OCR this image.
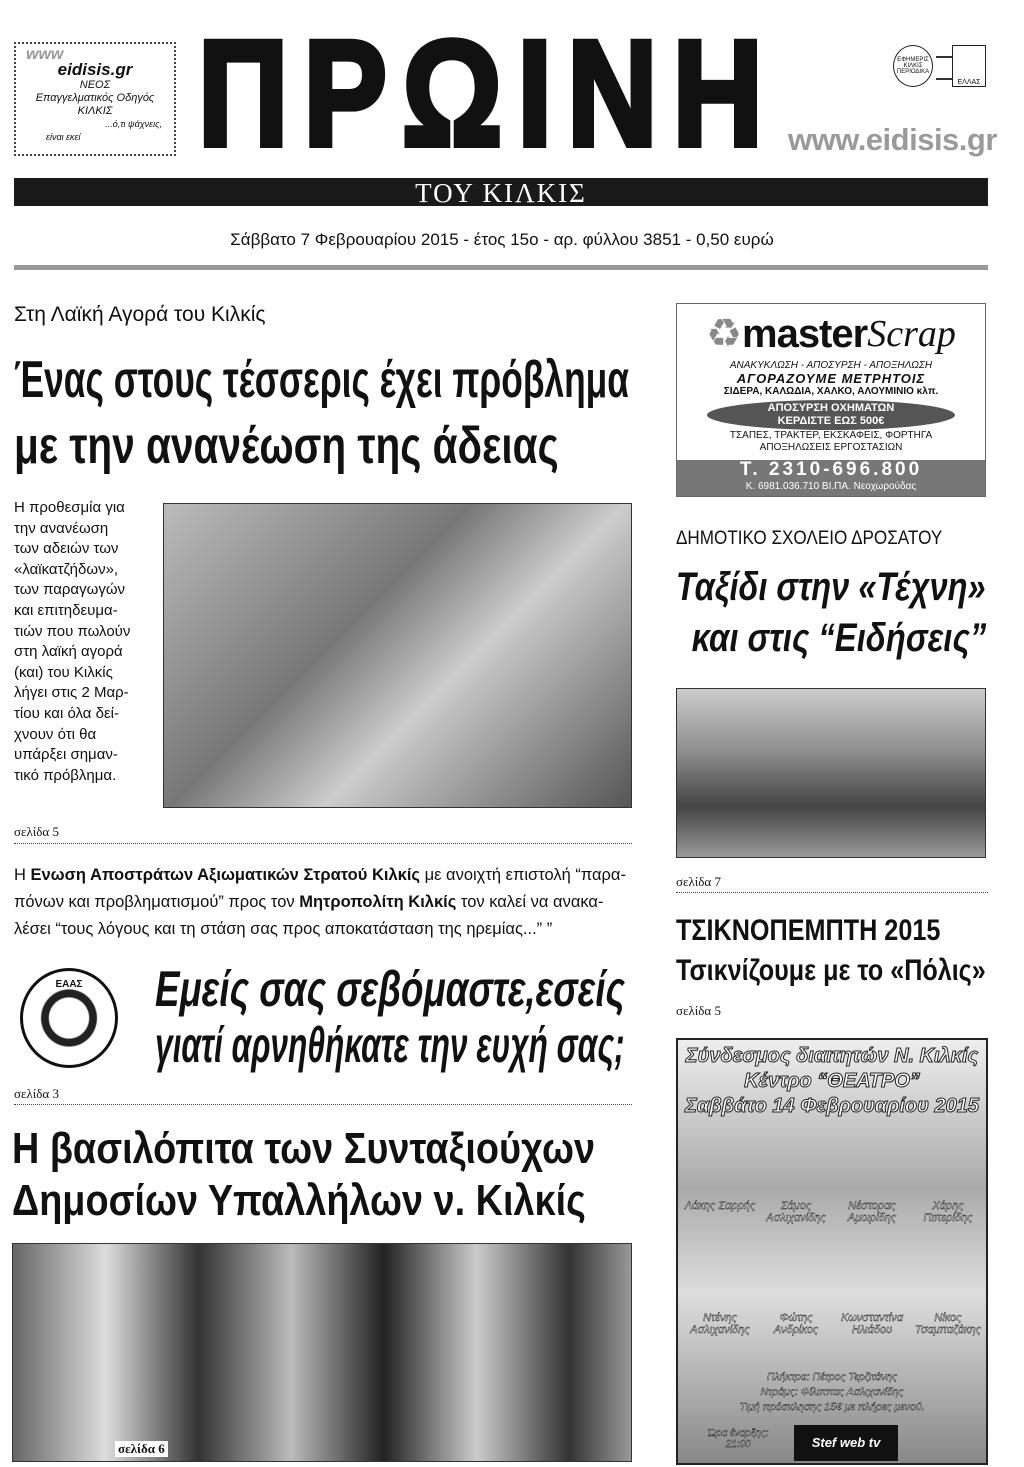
www
eidisis.gr
ΝΕΟΣ
Επαγγελματικός Οδηγός
ΚΙΛΚΙΣ
...ό,τι ψάχνεις,
είναι εκεί ΠΡΩΙΝΗ	ΕΦΗΜΕΡΙΣ ΚΙΛΚΙΣ ΠΕΡΙΟΔΙΚΑ
ΕΛΛΑΣ
www.eidisis.gr
ΤΟΥ ΚΙΛΚΙΣ
Σάββατο 7 Φεβρουαρίου 2015 - έτος 15ο - αρ. φύλλου 3851 - 0,50 ευρώ
Στη Λαϊκή Αγορά του Κιλκίς
Ένας στους τέσσερις έχει πρόβλημα
με την ανανέωση της άδειας
Η προθεσμία για
την ανανέωση
των αδειών των
«λαϊκατζήδων»,
των παραγωγών
και επιτηδευμα-
τιών που πωλούν
στη λαϊκή αγορά
(και) του Κιλκίς
λήγει στις 2 Μαρ-
τίου και όλα δεί-
χνουν ότι θα
υπάρξει σημαν-
τικό πρόβλημα.
σελίδα 5
Η Ενωση Αποστράτων Αξιωματικών Στρατού Κιλκίς με ανοιχτή επιστολή “παρα-
πόνων και προβληματισμού” προς τον Μητροπολίτη Κιλκίς τον καλεί να ανακα-
λέσει “τους λόγους και τη στάση σας προς αποκατάσταση της ηρεμίας...” ”
ΕΑΑΣ	Εμείς σας σεβόμαστε,εσείς
γιατί αρνηθήκατε την ευχή σας;
σελίδα 3
Η βασιλόπιτα των Συνταξιούχων
Δημοσίων Υπαλλήλων ν. Κιλκίς
σελίδα 6
♻ master Scrap
ΑΝΑΚΥΚΛΩΣΗ - ΑΠΟΣΥΡΣΗ - ΑΠΟΞΗΛΩΣΗ
ΑΓΟΡΑΖΟΥΜΕ ΜΕΤΡΗΤΟΙΣ
ΣΙΔΕΡΑ, ΚΑΛΩΔΙΑ, ΧΑΛΚΟ, ΑΛΟΥΜΙΝΙΟ κλπ.
ΑΠΟΣΥΡΣΗ ΟΧΗΜΑΤΩΝ
ΚΕΡΔΙΣΤΕ ΕΩΣ 500€
ΤΣΑΠΕΣ, ΤΡΑΚΤΕΡ, ΕΚΣΚΑΦΕΙΣ, ΦΟΡΤΗΓΑ
ΑΠΟΞΗΛΩΣΕΙΣ ΕΡΓΟΣΤΑΣΙΩΝ
Τ. 2310-696.800
Κ. 6981.036.710 ΒΙ.ΠΑ. Νεοχωρούδας
ΔΗΜΟΤΙΚΟ ΣΧΟΛΕΙΟ ΔΡΟΣΑΤΟΥ
Ταξίδι στην «Τέχνη»
και στις “Ειδήσεις”
σελίδα 7
ΤΣΙΚΝΟΠΕΜΠΤΗ 2015
Τσικνίζουμε με το «Πόλις»
σελίδα 5
Σύνδεσμος διαιτητών Ν. Κιλκίς
Κέντρο “ΘΕΑΤΡΟ”
Σαββάτο 14 Φεβρουαρίου 2015
Λάκης Σαρρής	Σάμος Ασλιχανίδης
Νέστορας Αμοιρίδης
Χάρης Πιπερίδης
Ντένης Ασλιχανίδης
Φώτης Ανδρίκος
Κωνσταντίνα Ηλιάδου
Νίκος Τσαμπαζάκης
Πλήκτρα: Πέτρος Τερζιτάνης
Ντράμς: Φίλιππας Ασλιχανίδης
Τιμή πρόσκλησης 15€ με πλήρες μενού.
Ώρα έναρξης:
21:00	Stef web tv
